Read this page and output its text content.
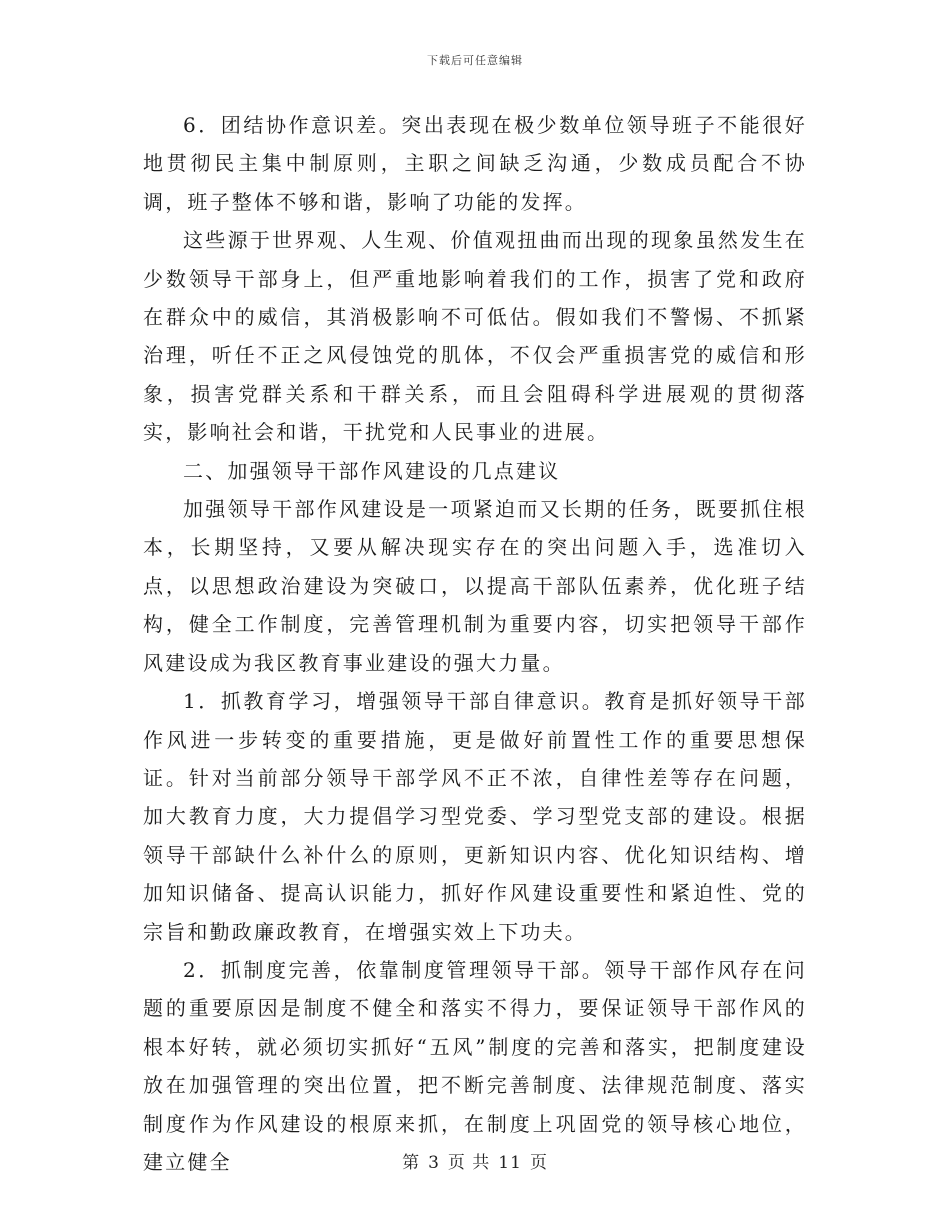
下载后可任意编辑

6．团结协作意识差。突出表现在极少数单位领导班子不能很好地贯彻民主集中制原则，主职之间缺乏沟通，少数成员配合不协调，班子整体不够和谐，影响了功能的发挥。

这些源于世界观、人生观、价值观扭曲而出现的现象虽然发生在少数领导干部身上，但严重地影响着我们的工作，损害了党和政府在群众中的威信，其消极影响不可低估。假如我们不警惕、不抓紧治理，听任不正之风侵蚀党的肌体，不仅会严重损害党的威信和形象，损害党群关系和干群关系，而且会阻碍科学进展观的贯彻落实，影响社会和谐，干扰党和人民事业的进展。

二、加强领导干部作风建设的几点建议

加强领导干部作风建设是一项紧迫而又长期的任务，既要抓住根本，长期坚持，又要从解决现实存在的突出问题入手，选准切入点，以思想政治建设为突破口，以提高干部队伍素养，优化班子结构，健全工作制度，完善管理机制为重要内容，切实把领导干部作风建设成为我区教育事业建设的强大力量。

1．抓教育学习，增强领导干部自律意识。教育是抓好领导干部作风进一步转变的重要措施，更是做好前置性工作的重要思想保证。针对当前部分领导干部学风不正不浓，自律性差等存在问题，加大教育力度，大力提倡学习型党委、学习型党支部的建设。根据领导干部缺什么补什么的原则，更新知识内容、优化知识结构、增加知识储备、提高认识能力，抓好作风建设重要性和紧迫性、党的宗旨和勤政廉政教育，在增强实效上下功夫。

2．抓制度完善，依靠制度管理领导干部。领导干部作风存在问题的重要原因是制度不健全和落实不得力，要保证领导干部作风的根本好转，就必须切实抓好“五风”制度的完善和落实，把制度建设放在加强管理的突出位置，把不断完善制度、法律规范制度、落实制度作为作风建设的根原来抓，在制度上巩固党的领导核心地位，建立健全	第 3 页 共 11 页
